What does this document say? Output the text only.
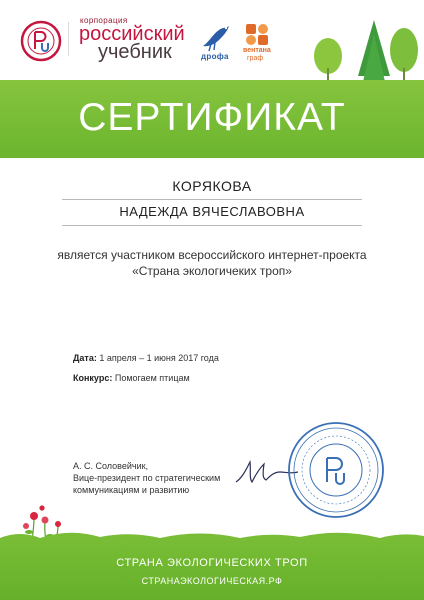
корпорация
российский
учебник	дрофа
вентана
граф
СЕРТИФИКАТ
КОРЯКОВА
НАДЕЖДА ВЯЧЕСЛАВОВНА
является участником всероссийского интернет-проекта
«Страна экологичеких троп»
Дата: 1 апреля – 1 июня 2017 года
Конкурс: Помогаем птицам
А. С. Соловейчик,
Вице-президент по стратегическим
коммуникациям и развитию
СТРАНА ЭКОЛОГИЧЕСКИХ ТРОП
СТРАНАЭКОЛОГИЧЕСКАЯ.РФ
